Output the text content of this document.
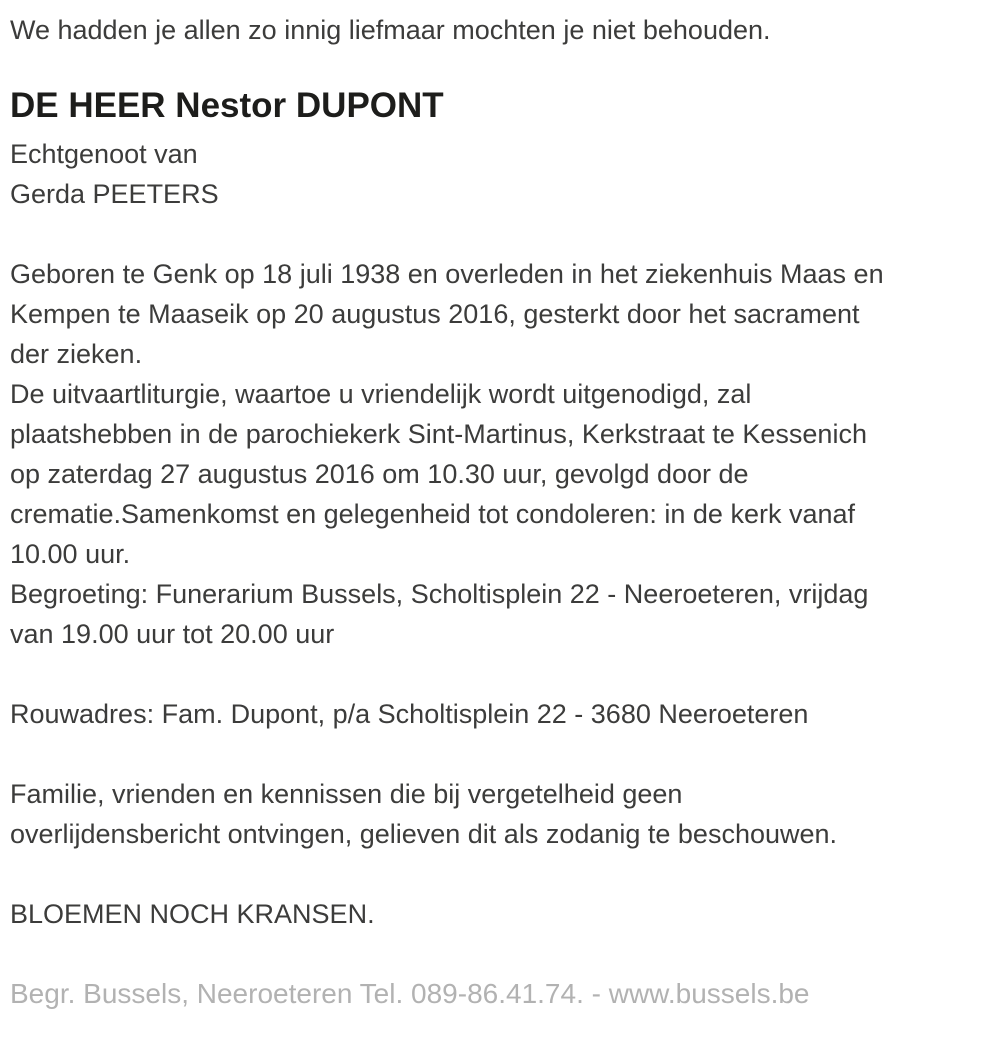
We hadden je allen zo innig liefmaar mochten je niet behouden.
DE HEER Nestor DUPONT
Echtgenoot van
Gerda PEETERS
Geboren te Genk op 18 juli 1938 en overleden in het ziekenhuis Maas en
Kempen te Maaseik op 20 augustus 2016, gesterkt door het sacrament
der zieken.
De uitvaartliturgie, waartoe u vriendelijk wordt uitgenodigd, zal
plaatshebben in de parochiekerk Sint-Martinus, Kerkstraat te Kessenich
op zaterdag 27 augustus 2016 om 10.30 uur, gevolgd door de
crematie.Samenkomst en gelegenheid tot condoleren: in de kerk vanaf
10.00 uur.
Begroeting: Funerarium Bussels, Scholtisplein 22 - Neeroeteren, vrijdag
van 19.00 uur tot 20.00 uur
Rouwadres: Fam. Dupont, p/a Scholtisplein 22 - 3680 Neeroeteren
Familie, vrienden en kennissen die bij vergetelheid geen
overlijdensbericht ontvingen, gelieven dit als zodanig te beschouwen.
BLOEMEN NOCH KRANSEN.
Begr. Bussels, Neeroeteren Tel. 089-86.41.74. - www.bussels.be
